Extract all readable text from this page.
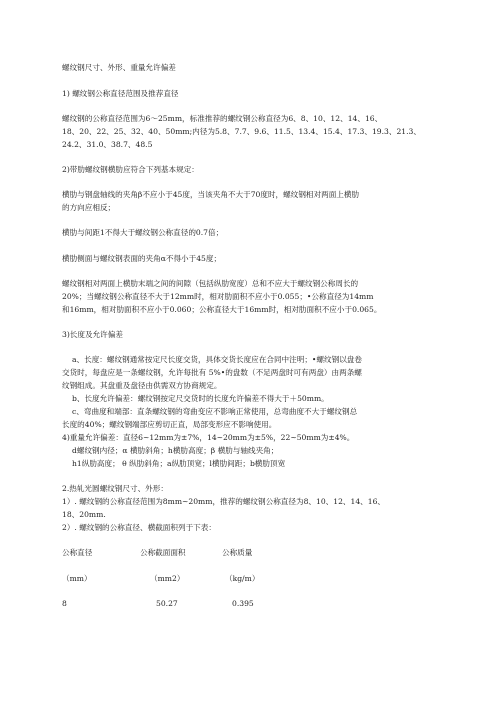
螺纹钢尺寸、外形、重量允许偏差
1) 螺纹钢公称直径范围及推荐直径
螺纹钢的公称直径范围为6～25mm，标准推荐的螺纹钢公称直径为6、8、10、12、14、16、
18、20、22、25、32、40、50mm;内径为5.8、7.7、9.6、11.5、13.4、15.4、17.3、19.3、21.3、
24.2、31.0、38.7、48.5
2)带肋螺纹钢横肋应符合下列基本规定：
横肋与钢盘轴线的夹角β不应小于45度，当该夹角不大于70度时，螺纹钢相对两面上横肋
的方向应相反；
横肋与间距1不得大于螺纹钢公称直径的0.7倍；
横肋侧面与螺纹钢表面的夹角α不得小于45度；
螺纹钢相对两面上横肋末端之间的间隙（包括纵肋宽度）总和不应大于螺纹钢公称周长的
20%；当螺纹钢公称直径不大于12mm时，相对肋面积不应小于0.055；•公称直径为14mm
和16mm，相对肋面积不应小于0.060；公称直径大于16mm时，相对肋面积不应小于0.065。
3)长度及允许偏差
a、长度：螺纹钢通常按定尺长度交货，具体交货长度应在合同中注明；•螺纹钢以盘卷
交货时，每盘应是一条螺纹钢，允许每批有 5%•的盘数（不足两盘时可有两盘）由两条螺
纹钢组成。其盘重及盘径由供需双方协商规定。
b、长度允许偏差：螺纹钢按定尺交货时的长度允许偏差不得大于＋50mm。
c、弯曲度和端部：直条螺纹钢的弯曲变应不影响正常使用，总弯曲度不大于螺纹钢总
长度的40%；螺纹钢端部应剪切正直，局部变形应不影响使用。
4)重量允许偏差：直径6~12mm为±7%，14~20mm为±5%，22~50mm为±4%。
d螺纹钢内径；α 横肋斜角；h横肋高度；β 横肋与轴线夹角；
h1纵肋高度； θ 纵肋斜角；a纵肋顶宽；l横肋间距；b横肋顶宽
2.热轧光圆螺纹钢尺寸、外形：
1）. 螺纹钢的公称直径范围为8mm~20mm，推荐的螺纹钢公称直径为8、10、12、14、16、
18、20mm.
2）. 螺纹钢的公称直径、横截面积列于下表：
公称直径	公称截面面积	公称质量
（mm）	（mm2）	（kg/m）
8	50.27	0.395
